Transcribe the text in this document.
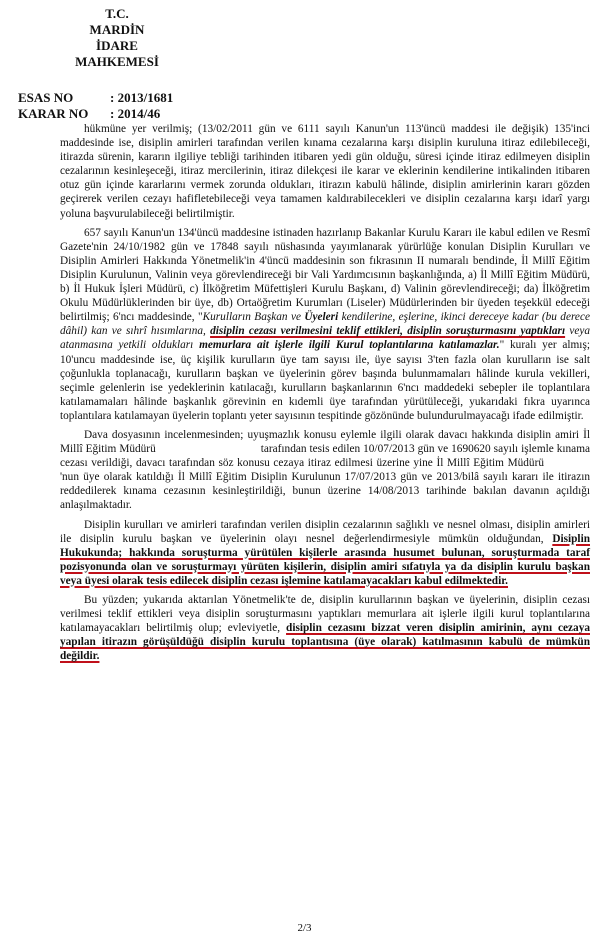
T.C.
MARDİN
İDARE MAHKEMESİ
ESAS NO	: 2013/1681
KARAR NO	: 2014/46

hükmüne yer verilmiş; (13/02/2011 gün ve 6111 sayılı Kanun'un 113'üncü maddesi ile değişik) 135'inci maddesinde ise, disiplin amirleri tarafından verilen kınama cezalarına karşı disiplin kuruluna itiraz edilebileceği, itirazda sürenin, kararın ilgiliye tebliği tarihinden itibaren yedi gün olduğu, süresi içinde itiraz edilmeyen disiplin cezalarının kesinleşeceği, itiraz mercilerinin, itiraz dilekçesi ile karar ve eklerinin kendilerine intikalinden itibaren otuz gün içinde kararlarını vermek zorunda oldukları, itirazın kabulü hâlinde, disiplin amirlerinin kararı gözden geçirerek verilen cezayı hafifletebileceği veya tamamen kaldırabilecekleri ve disiplin cezalarına karşı idarî yargı yoluna başvurulabileceği belirtilmiştir.

657 sayılı Kanun'un 134'üncü maddesine istinaden hazırlanıp Bakanlar Kurulu Kararı ile kabul edilen ve Resmî Gazete'nin 24/10/1982 gün ve 17848 sayılı nüshasında yayımlanarak yürürlüğe konulan Disiplin Kurulları ve Disiplin Amirleri Hakkında Yönetmelik'in 4'üncü maddesinin son fıkrasının II numaralı bendinde, İl Millî Eğitim Disiplin Kurulunun, Valinin veya görevlendireceği bir Vali Yardımcısının başkanlığında, a) İl Millî Eğitim Müdürü, b) İl Hukuk İşleri Müdürü, c) İlköğretim Müfettişleri Kurulu Başkanı, d) Valinin görevlendireceği; da) İlköğretim Okulu Müdürlüklerinden bir üye, db) Ortaöğretim Kurumları (Liseler) Müdürlerinden bir üyeden teşekkül edeceği belirtilmiş; 6'ncı maddesinde, "Kurulların Başkan ve Üyeleri kendilerine, eşlerine, ikinci dereceye kadar (bu derece dâhil) kan ve sıhrî hısımlarına, disiplin cezası verilmesini teklif ettikleri, disiplin soruşturmasını yaptıkları veya atanmasına yetkili oldukları memurlara ait işlerle ilgili Kurul toplantılarına katılamazlar." kuralı yer almış; 10'uncu maddesinde ise, üç kişilik kurulların üye tam sayısı ile, üye sayısı 3'ten fazla olan kurulların ise salt çoğunlukla toplanacağı, kurulların başkan ve üyelerinin görev başında bulunmamaları hâlinde kurula vekilleri, seçimle gelenlerin ise yedeklerinin katılacağı, kurulların başkanlarının 6'ncı maddedeki sebepler ile toplantılara katılamamaları hâlinde başkanlık görevinin en kıdemli üye tarafından yürütüleceği, yukarıdaki fıkra uyarınca toplantılara katılamayan üyelerin toplantı yeter sayısının tespitinde gözönünde bulundurulmayacağı ifade edilmiştir.

Dava dosyasının incelenmesinden; uyuşmazlık konusu eylemle ilgili olarak davacı hakkında disiplin amiri İl Millî Eğitim Müdürü	tarafından tesis edilen 10/07/2013 gün ve 1690620 sayılı işlemle kınama cezası verildiği, davacı tarafından söz konusu cezaya itiraz edilmesi üzerine yine İl Millî Eğitim Müdürü'nun üye olarak katıldığı İl Millî Eğitim Disiplin Kurulunun 17/07/2013 gün ve 2013/bilâ sayılı kararı ile itirazın reddedilerek kınama cezasının kesinleştirildiği, bunun üzerine 14/08/2013 tarihinde bakılan davanın açıldığı anlaşılmaktadır.

Disiplin kurulları ve amirleri tarafından verilen disiplin cezalarının sağlıklı ve nesnel olması, disiplin amirleri ile disiplin kurulu başkan ve üyelerinin olayı nesnel değerlendirmesiyle mümkün olduğundan, Disiplin Hukukunda; hakkında soruşturma yürütülen kişilerle arasında husumet bulunan, soruşturmada taraf pozisyonunda olan ve soruşturmayı yürüten kişilerin, disiplin amiri sıfatıyla ya da disiplin kurulu başkan veya üyesi olarak tesis edilecek disiplin cezası işlemine katılamayacakları kabul edilmektedir.

Bu yüzden; yukarıda aktarılan Yönetmelik'te de, disiplin kurullarının başkan ve üyelerinin, disiplin cezası verilmesi teklif ettikleri veya disiplin soruşturmasını yaptıkları memurlara ait işlerle ilgili kurul toplantılarına katılamayacakları belirtilmiş olup; evleviyetle, disiplin cezasını bizzat veren disiplin amirinin, aynı cezaya yapılan itirazın görüşüldüğü disiplin kurulu toplantısına (üye olarak) katılmasının kabulü de mümkün değildir.

2/3
